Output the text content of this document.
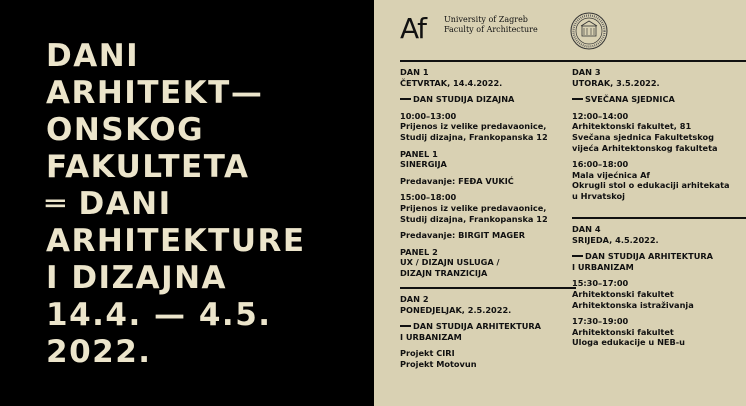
DANI
ARHITEKT—
ONSKOG
FAKULTETA
═ DANI
ARHITEKTURE
I DIZAJNA
14.4. — 4.5.
2022.
Af University of Zagreb
Faculty of Architecture
DAN 1
ČETVRTAK, 14.4.2022.
DAN STUDIJA DIZAJNA
10:00–13:00
Prijenos iz velike predavaonice,
Studij dizajna, Frankopanska 12
PANEL 1
SINERGIJA
Predavanje: FEĐA VUKIĆ
15:00–18:00
Prijenos iz velike predavaonice,
Studij dizajna, Frankopanska 12
Predavanje: BIRGIT MAGER
PANEL 2
UX / DIZAJN USLUGA /
DIZAJN TRANZICIJA
DAN 2
PONEDJELJAK, 2.5.2022.
DAN STUDIJA ARHITEKTURA
I URBANIZAM
Projekt CIRI
Projekt Motovun
DAN 3
UTORAK, 3.5.2022.
SVEČANA SJEDNICA
12:00–14:00
Arhitektonski fakultet, 81
Svečana sjednica Fakultetskog
vijeća Arhitektonskog fakulteta
16:00–18:00
Mala vijećnica Af
Okrugli stol o edukaciji arhitekata
u Hrvatskoj
DAN 4
SRIJEDA, 4.5.2022.
DAN STUDIJA ARHITEKTURA
I URBANIZAM
15:30–17:00
Arhitektonski fakultet
Arhitektonska istraživanja
17:30–19:00
Arhitektonski fakultet
Uloga edukacije u NEB-u
